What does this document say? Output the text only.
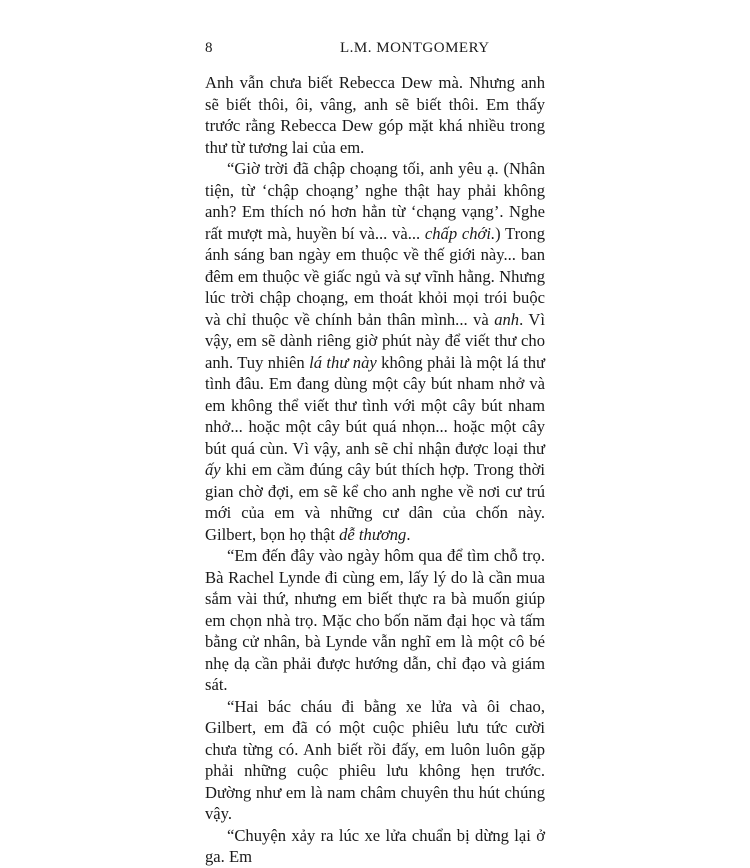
8	L.M. MONTGOMERY

Anh vẫn chưa biết Rebecca Dew mà. Nhưng anh sẽ biết thôi, ôi, vâng, anh sẽ biết thôi. Em thấy trước rằng Rebecca Dew góp mặt khá nhiều trong thư từ tương lai của em.

“Giờ trời đã chập choạng tối, anh yêu ạ. (Nhân tiện, từ ‘chập choạng’ nghe thật hay phải không anh? Em thích nó hơn hẳn từ ‘chạng vạng’. Nghe rất mượt mà, huyền bí và... và... chấp chới.) Trong ánh sáng ban ngày em thuộc về thế giới này... ban đêm em thuộc về giấc ngủ và sự vĩnh hằng. Nhưng lúc trời chập choạng, em thoát khỏi mọi trói buộc và chỉ thuộc về chính bản thân mình... và anh. Vì vậy, em sẽ dành riêng giờ phút này để viết thư cho anh. Tuy nhiên lá thư này không phải là một lá thư tình đâu. Em đang dùng một cây bút nham nhở và em không thể viết thư tình với một cây bút nham nhở... hoặc một cây bút quá nhọn... hoặc một cây bút quá cùn. Vì vậy, anh sẽ chỉ nhận được loại thư ấy khi em cầm đúng cây bút thích hợp. Trong thời gian chờ đợi, em sẽ kể cho anh nghe về nơi cư trú mới của em và những cư dân của chốn này. Gilbert, bọn họ thật dễ thương.

“Em đến đây vào ngày hôm qua để tìm chỗ trọ. Bà Rachel Lynde đi cùng em, lấy lý do là cần mua sắm vài thứ, nhưng em biết thực ra bà muốn giúp em chọn nhà trọ. Mặc cho bốn năm đại học và tấm bằng cử nhân, bà Lynde vẫn nghĩ em là một cô bé nhẹ dạ cần phải được hướng dẫn, chỉ đạo và giám sát.

“Hai bác cháu đi bằng xe lửa và ôi chao, Gilbert, em đã có một cuộc phiêu lưu tức cười chưa từng có. Anh biết rồi đấy, em luôn luôn gặp phải những cuộc phiêu lưu không hẹn trước. Dường như em là nam châm chuyên thu hút chúng vậy.

“Chuyện xảy ra lúc xe lửa chuẩn bị dừng lại ở ga. Em
